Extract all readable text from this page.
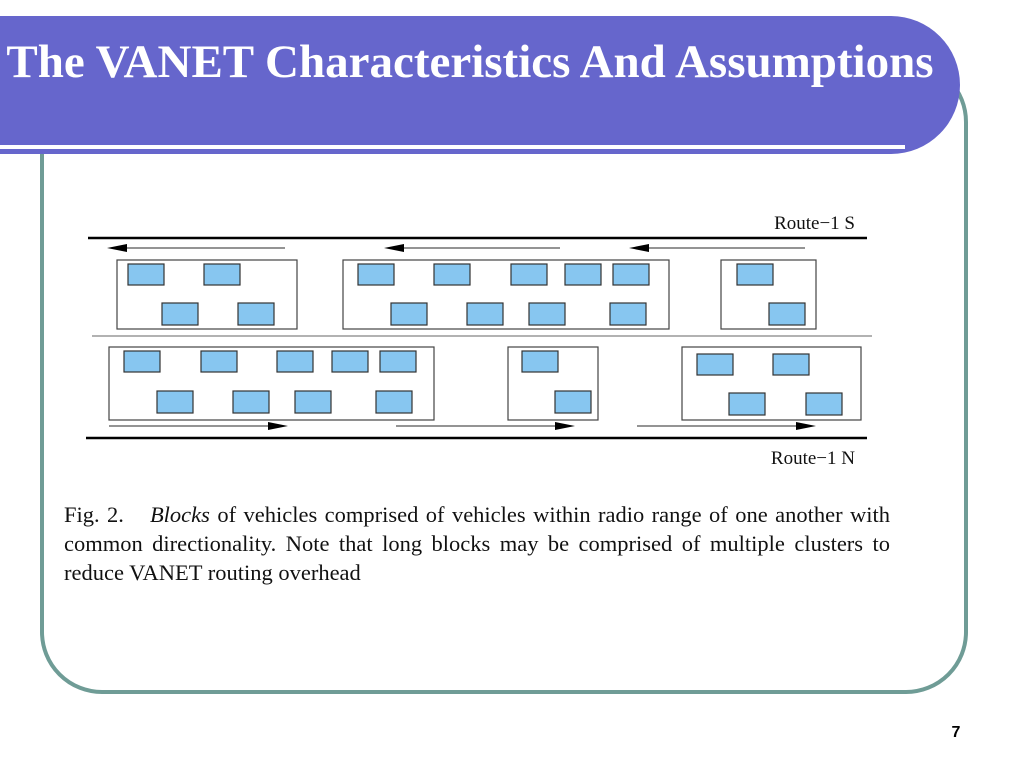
The VANET Characteristics And Assumptions
Route−1 S
Route−1 N

Fig. 2. Blocks of vehicles comprised of vehicles within radio range of one another with common directionality. Note that long blocks may be comprised of multiple clusters to reduce VANET routing overhead

7
